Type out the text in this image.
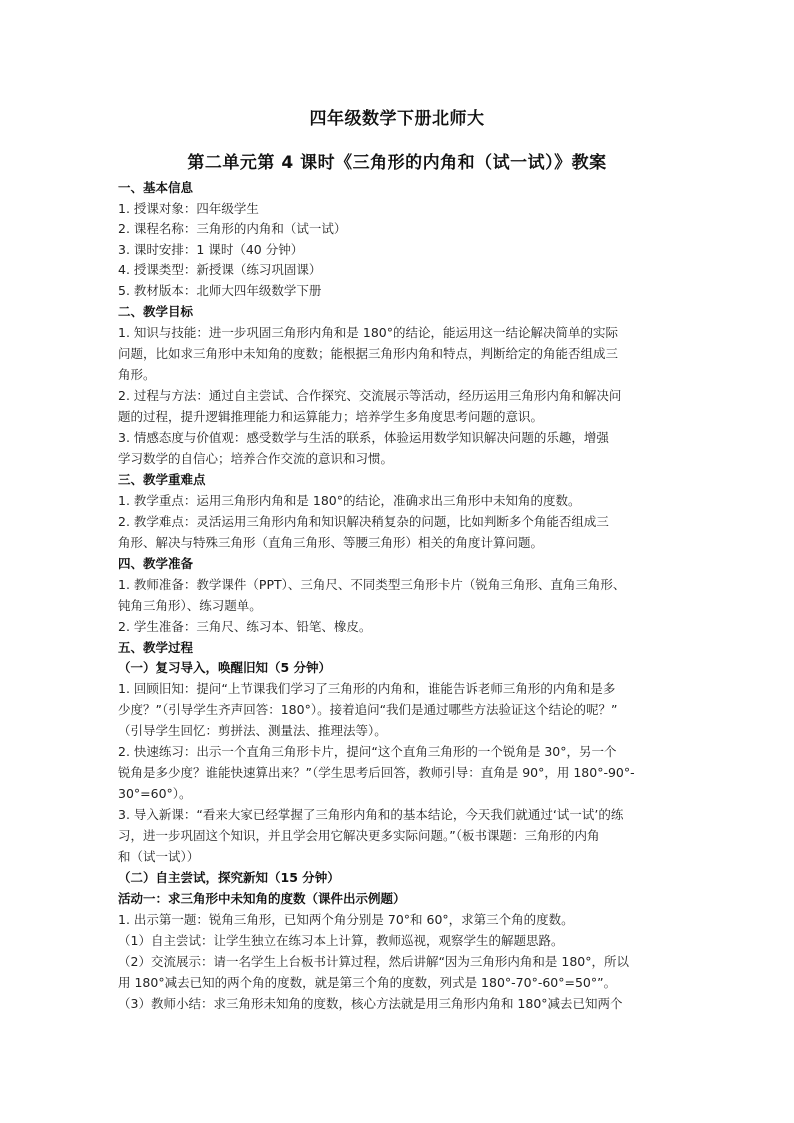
四年级数学下册北师大
第二单元第 4 课时《三角形的内角和（试一试）》教案
一、基本信息
1. 授课对象：四年级学生
2. 课程名称：三角形的内角和（试一试）
3. 课时安排：1 课时（40 分钟）
4. 授课类型：新授课（练习巩固课）
5. 教材版本：北师大四年级数学下册
二、教学目标
1. 知识与技能：进一步巩固三角形内角和是 180°的结论，能运用这一结论解决简单的实际
问题，比如求三角形中未知角的度数；能根据三角形内角和特点，判断给定的角能否组成三
角形。
2. 过程与方法：通过自主尝试、合作探究、交流展示等活动，经历运用三角形内角和解决问
题的过程，提升逻辑推理能力和运算能力；培养学生多角度思考问题的意识。
3. 情感态度与价值观：感受数学与生活的联系，体验运用数学知识解决问题的乐趣，增强
学习数学的自信心；培养合作交流的意识和习惯。
三、教学重难点
1. 教学重点：运用三角形内角和是 180°的结论，准确求出三角形中未知角的度数。
2. 教学难点：灵活运用三角形内角和知识解决稍复杂的问题，比如判断多个角能否组成三
角形、解决与特殊三角形（直角三角形、等腰三角形）相关的角度计算问题。
四、教学准备
1. 教师准备：教学课件（PPT）、三角尺、不同类型三角形卡片（锐角三角形、直角三角形、
钝角三角形）、练习题单。
2. 学生准备：三角尺、练习本、铅笔、橡皮。
五、教学过程
（一）复习导入，唤醒旧知（5 分钟）
1. 回顾旧知：提问“上节课我们学习了三角形的内角和，谁能告诉老师三角形的内角和是多
少度？”（引导学生齐声回答：180°）。接着追问“我们是通过哪些方法验证这个结论的呢？”
（引导学生回忆：剪拼法、测量法、推理法等）。
2. 快速练习：出示一个直角三角形卡片，提问“这个直角三角形的一个锐角是 30°，另一个
锐角是多少度？谁能快速算出来？”（学生思考后回答，教师引导：直角是 90°，用 180°-90°-
30°=60°）。
3. 导入新课：“看来大家已经掌握了三角形内角和的基本结论，今天我们就通过‘试一试’的练
习，进一步巩固这个知识，并且学会用它解决更多实际问题。”（板书课题：三角形的内角
和（试一试））
（二）自主尝试，探究新知（15 分钟）
活动一：求三角形中未知角的度数（课件出示例题）
1. 出示第一题：锐角三角形，已知两个角分别是 70°和 60°，求第三个角的度数。
（1）自主尝试：让学生独立在练习本上计算，教师巡视，观察学生的解题思路。
（2）交流展示：请一名学生上台板书计算过程，然后讲解“因为三角形内角和是 180°，所以
用 180°减去已知的两个角的度数，就是第三个角的度数，列式是 180°-70°-60°=50°”。
（3）教师小结：求三角形未知角的度数，核心方法就是用三角形内角和 180°减去已知两个
